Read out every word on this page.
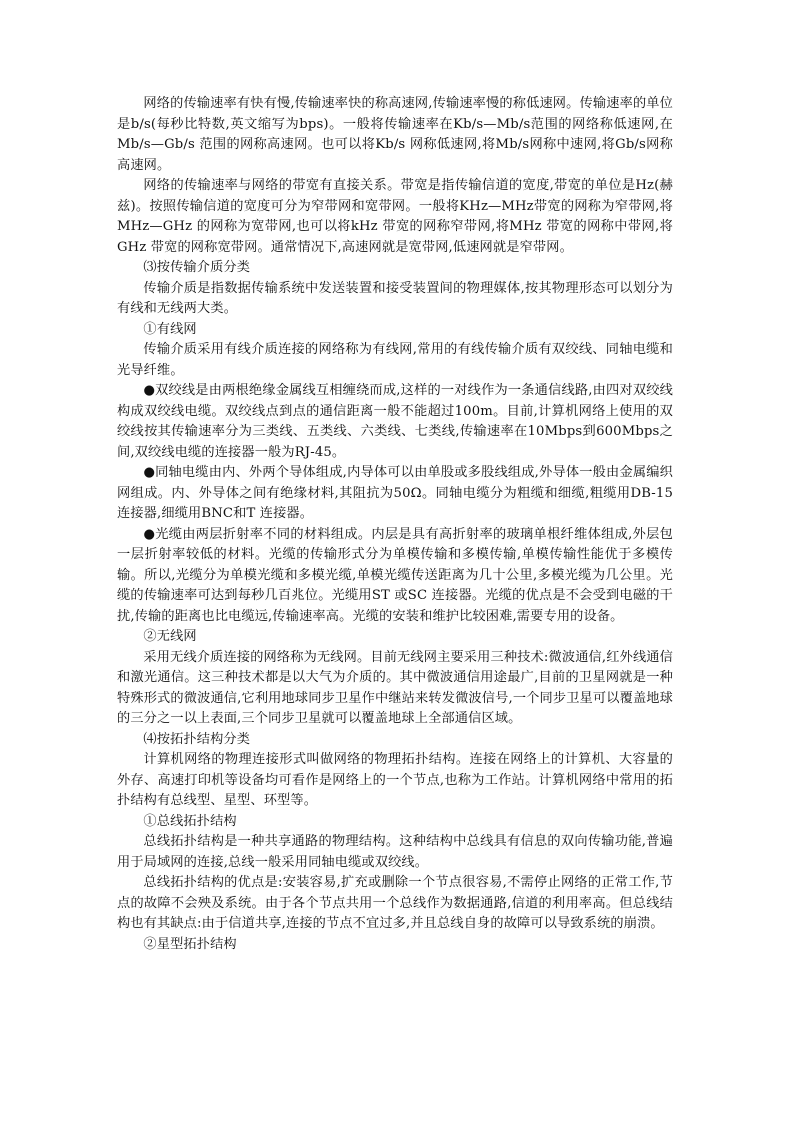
网络的传输速率有快有慢,传输速率快的称高速网,传输速率慢的称低速网。传输速率的单位是b/s(每秒比特数,英文缩写为bps)。一般将传输速率在Kb/s—Mb/s范围的网络称低速网,在Mb/s—Gb/s 范围的网称高速网。也可以将Kb/s 网称低速网,将Mb/s网称中速网,将Gb/s网称高速网。

网络的传输速率与网络的带宽有直接关系。带宽是指传输信道的宽度,带宽的单位是Hz(赫兹)。按照传输信道的宽度可分为窄带网和宽带网。一般将KHz—MHz带宽的网称为窄带网,将MHz—GHz 的网称为宽带网,也可以将kHz 带宽的网称窄带网,将MHz 带宽的网称中带网,将GHz 带宽的网称宽带网。通常情况下,高速网就是宽带网,低速网就是窄带网。

⑶按传输介质分类

传输介质是指数据传输系统中发送装置和接受装置间的物理媒体,按其物理形态可以划分为有线和无线两大类。

①有线网

传输介质采用有线介质连接的网络称为有线网,常用的有线传输介质有双绞线、同轴电缆和光导纤维。

●双绞线是由两根绝缘金属线互相缠绕而成,这样的一对线作为一条通信线路,由四对双绞线构成双绞线电缆。双绞线点到点的通信距离一般不能超过100m。目前,计算机网络上使用的双绞线按其传输速率分为三类线、五类线、六类线、七类线,传输速率在10Mbps到600Mbps之间,双绞线电缆的连接器一般为RJ-45。

●同轴电缆由内、外两个导体组成,内导体可以由单股或多股线组成,外导体一般由金属编织网组成。内、外导体之间有绝缘材料,其阻抗为50Ω。同轴电缆分为粗缆和细缆,粗缆用DB-15连接器,细缆用BNC和T 连接器。

●光缆由两层折射率不同的材料组成。内层是具有高折射率的玻璃单根纤维体组成,外层包一层折射率较低的材料。光缆的传输形式分为单模传输和多模传输,单模传输性能优于多模传输。所以,光缆分为单模光缆和多模光缆,单模光缆传送距离为几十公里,多模光缆为几公里。光缆的传输速率可达到每秒几百兆位。光缆用ST 或SC 连接器。光缆的优点是不会受到电磁的干扰,传输的距离也比电缆远,传输速率高。光缆的安装和维护比较困难,需要专用的设备。

②无线网

采用无线介质连接的网络称为无线网。目前无线网主要采用三种技术:微波通信,红外线通信和激光通信。这三种技术都是以大气为介质的。其中微波通信用途最广,目前的卫星网就是一种特殊形式的微波通信,它利用地球同步卫星作中继站来转发微波信号,一个同步卫星可以覆盖地球的三分之一以上表面,三个同步卫星就可以覆盖地球上全部通信区域。

⑷按拓扑结构分类

计算机网络的物理连接形式叫做网络的物理拓扑结构。连接在网络上的计算机、大容量的外存、高速打印机等设备均可看作是网络上的一个节点,也称为工作站。计算机网络中常用的拓扑结构有总线型、星型、环型等。

①总线拓扑结构

总线拓扑结构是一种共享通路的物理结构。这种结构中总线具有信息的双向传输功能,普遍用于局域网的连接,总线一般采用同轴电缆或双绞线。

总线拓扑结构的优点是:安装容易,扩充或删除一个节点很容易,不需停止网络的正常工作,节点的故障不会殃及系统。由于各个节点共用一个总线作为数据通路,信道的利用率高。但总线结构也有其缺点:由于信道共享,连接的节点不宜过多,并且总线自身的故障可以导致系统的崩溃。

②星型拓扑结构
